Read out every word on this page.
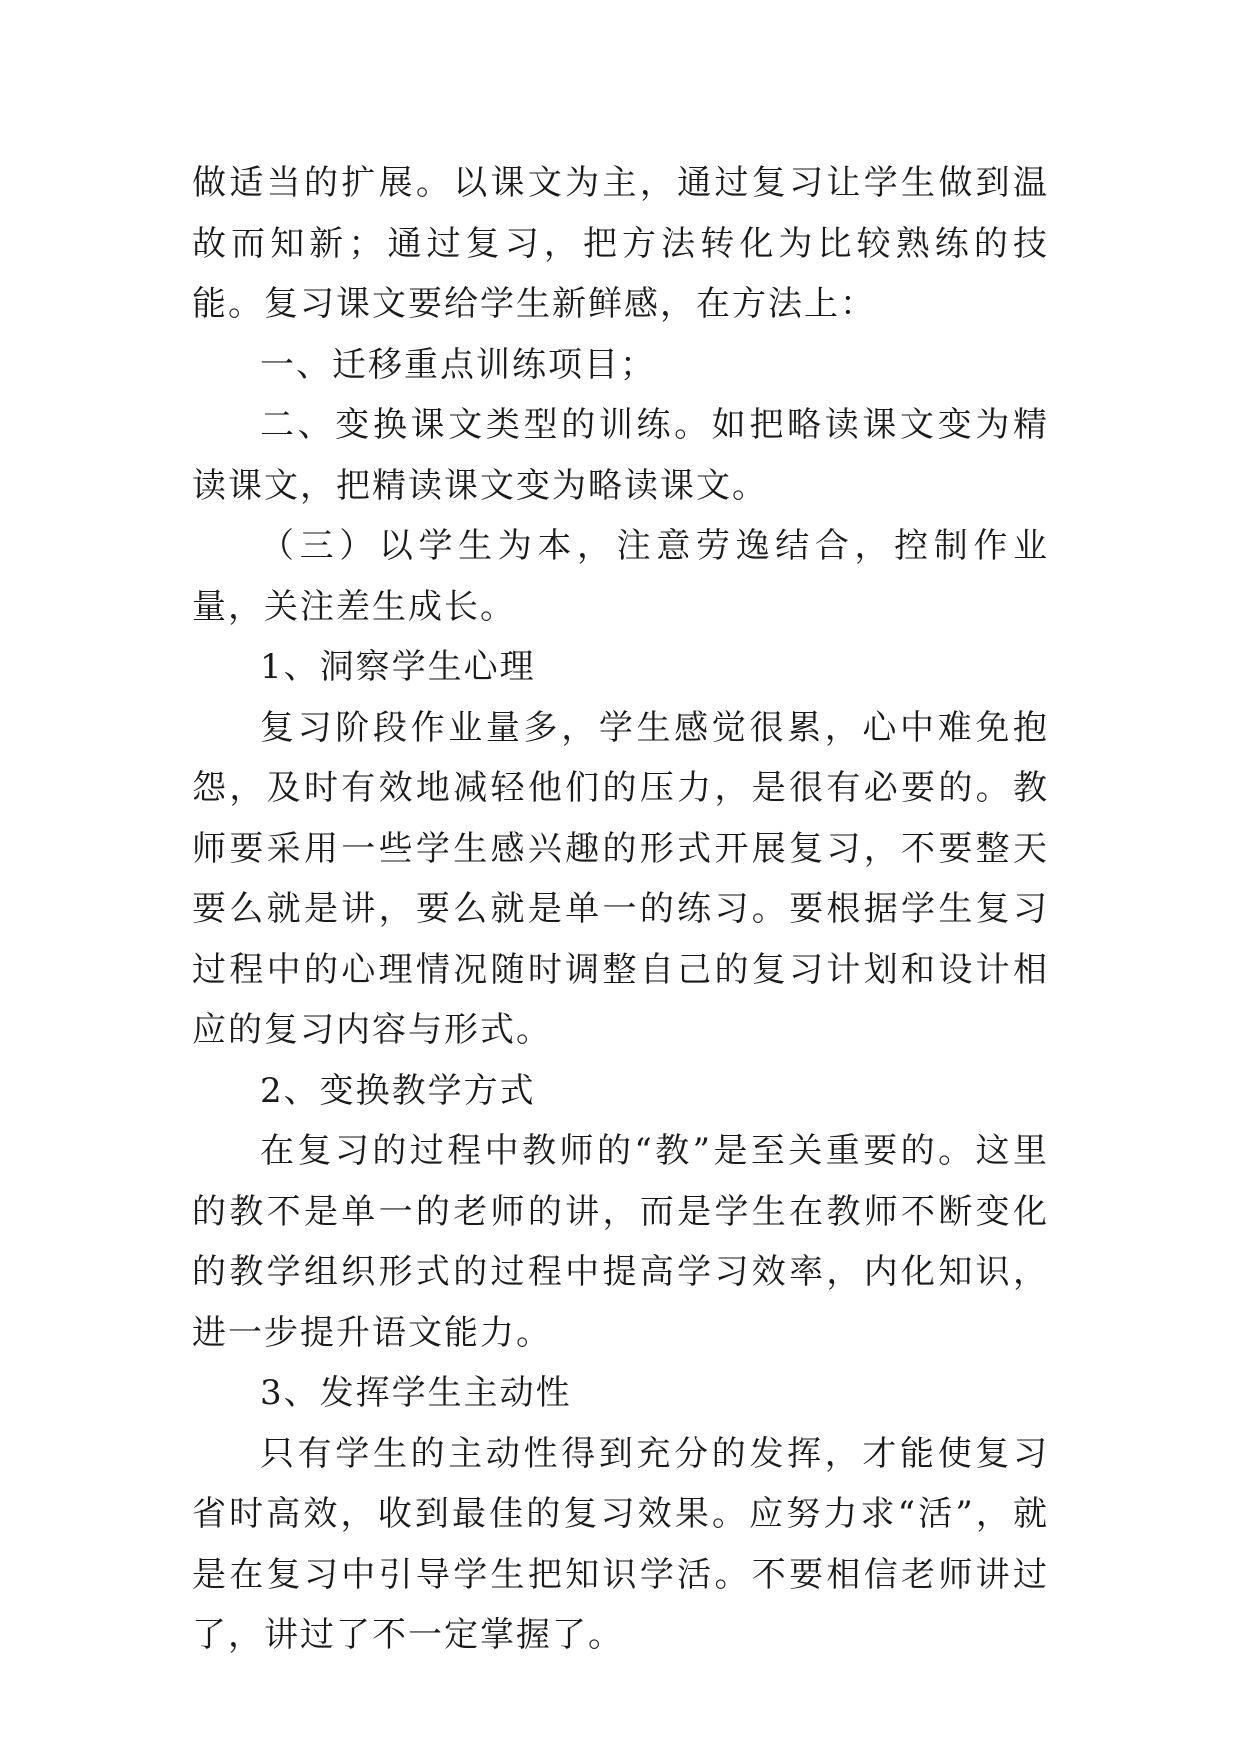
做适当的扩展。以课文为主，通过复习让学生做到温故而知新；通过复习，把方法转化为比较熟练的技能。复习课文要给学生新鲜感，在方法上：

一、迁移重点训练项目；

二、变换课文类型的训练。如把略读课文变为精读课文，把精读课文变为略读课文。

（三）以学生为本，注意劳逸结合，控制作业量，关注差生成长。

1、洞察学生心理

复习阶段作业量多，学生感觉很累，心中难免抱怨，及时有效地减轻他们的压力，是很有必要的。教师要采用一些学生感兴趣的形式开展复习，不要整天要么就是讲，要么就是单一的练习。要根据学生复习过程中的心理情况随时调整自己的复习计划和设计相应的复习内容与形式。

2、变换教学方式

在复习的过程中教师的“教”是至关重要的。这里的教不是单一的老师的讲，而是学生在教师不断变化的教学组织形式的过程中提高学习效率，内化知识，进一步提升语文能力。

3、发挥学生主动性

只有学生的主动性得到充分的发挥，才能使复习省时高效，收到最佳的复习效果。应努力求“活”，就是在复习中引导学生把知识学活。不要相信老师讲过了，讲过了不一定掌握了。
